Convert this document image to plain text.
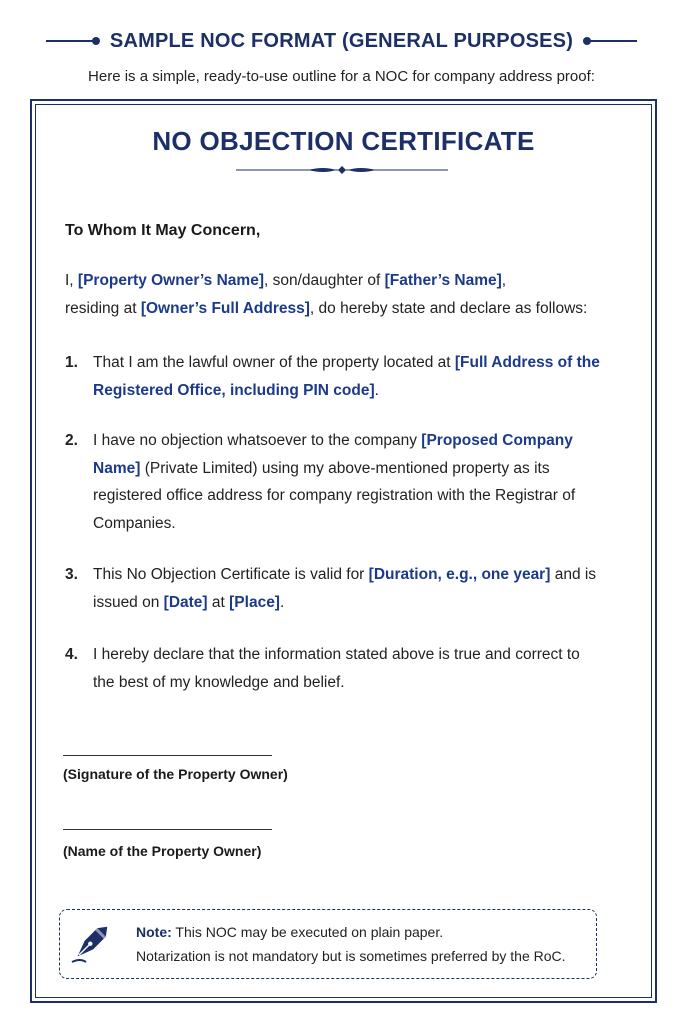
SAMPLE NOC FORMAT (GENERAL PURPOSES)
Here is a simple, ready-to-use outline for a NOC for company address proof:
NO OBJECTION CERTIFICATE
To Whom It May Concern,
I, [Property Owner’s Name], son/daughter of [Father’s Name],
residing at [Owner’s Full Address], do hereby state and declare as follows:
1. That I am the lawful owner of the property located at [Full Address of the Registered Office, including PIN code].
2. I have no objection whatsoever to the company [Proposed Company Name] (Private Limited) using my above-mentioned property as its registered office address for company registration with the Registrar of Companies.
3. This No Objection Certificate is valid for [Duration, e.g., one year] and is issued on [Date] at [Place].
4. I hereby declare that the information stated above is true and correct to the best of my knowledge and belief.
(Signature of the Property Owner)
(Name of the Property Owner)
Note: This NOC may be executed on plain paper.
Notarization is not mandatory but is sometimes preferred by the RoC.
